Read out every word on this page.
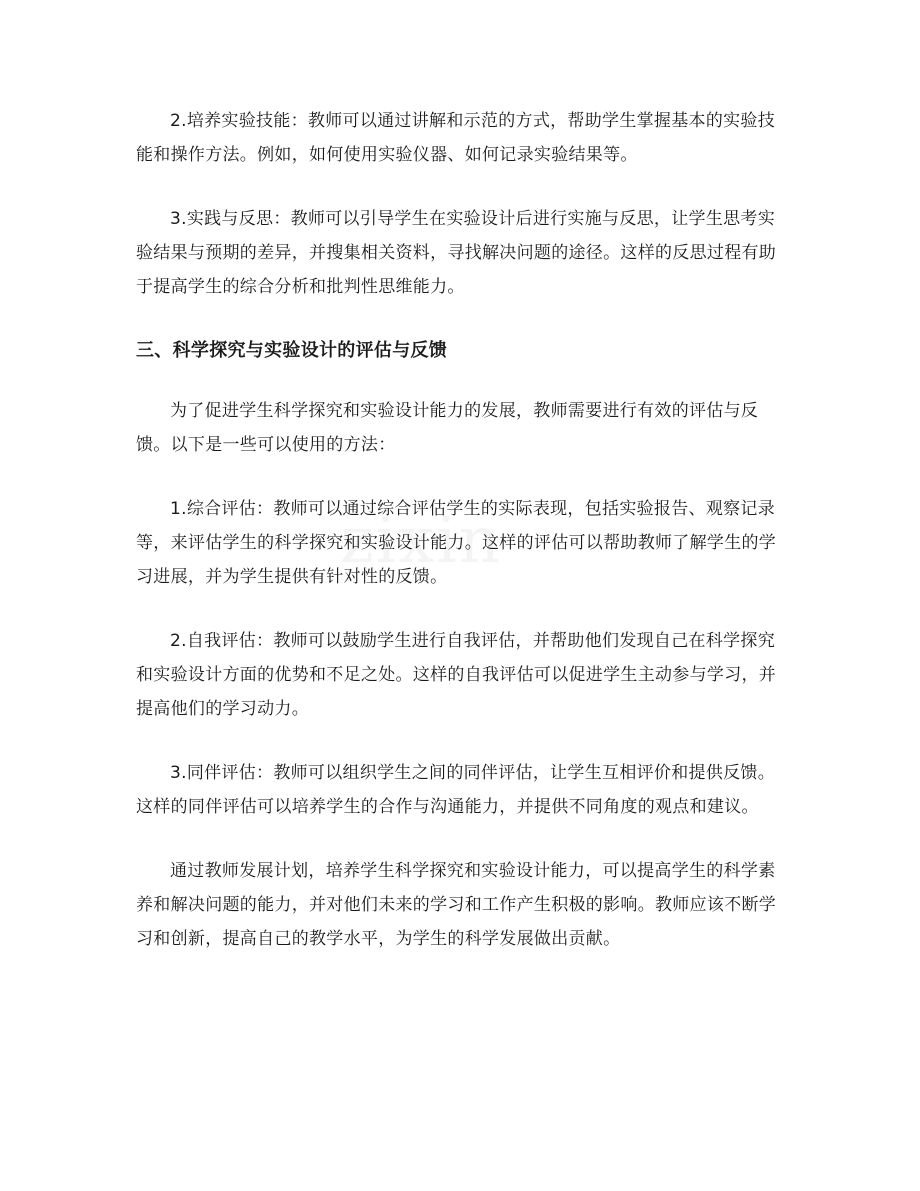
2.培养实验技能：教师可以通过讲解和示范的方式，帮助学生掌握基本的实验技能和操作方法。例如，如何使用实验仪器、如何记录实验结果等。

3.实践与反思：教师可以引导学生在实验设计后进行实施与反思，让学生思考实验结果与预期的差异，并搜集相关资料，寻找解决问题的途径。这样的反思过程有助于提高学生的综合分析和批判性思维能力。

三、科学探究与实验设计的评估与反馈

为了促进学生科学探究和实验设计能力的发展，教师需要进行有效的评估与反馈。以下是一些可以使用的方法：

1.综合评估：教师可以通过综合评估学生的实际表现，包括实验报告、观察记录等，来评估学生的科学探究和实验设计能力。这样的评估可以帮助教师了解学生的学习进展，并为学生提供有针对性的反馈。

2.自我评估：教师可以鼓励学生进行自我评估，并帮助他们发现自己在科学探究和实验设计方面的优势和不足之处。这样的自我评估可以促进学生主动参与学习，并提高他们的学习动力。

3.同伴评估：教师可以组织学生之间的同伴评估，让学生互相评价和提供反馈。这样的同伴评估可以培养学生的合作与沟通能力，并提供不同角度的观点和建议。

通过教师发展计划，培养学生科学探究和实验设计能力，可以提高学生的科学素养和解决问题的能力，并对他们未来的学习和工作产生积极的影响。教师应该不断学习和创新，提高自己的教学水平，为学生的科学发展做出贡献。
